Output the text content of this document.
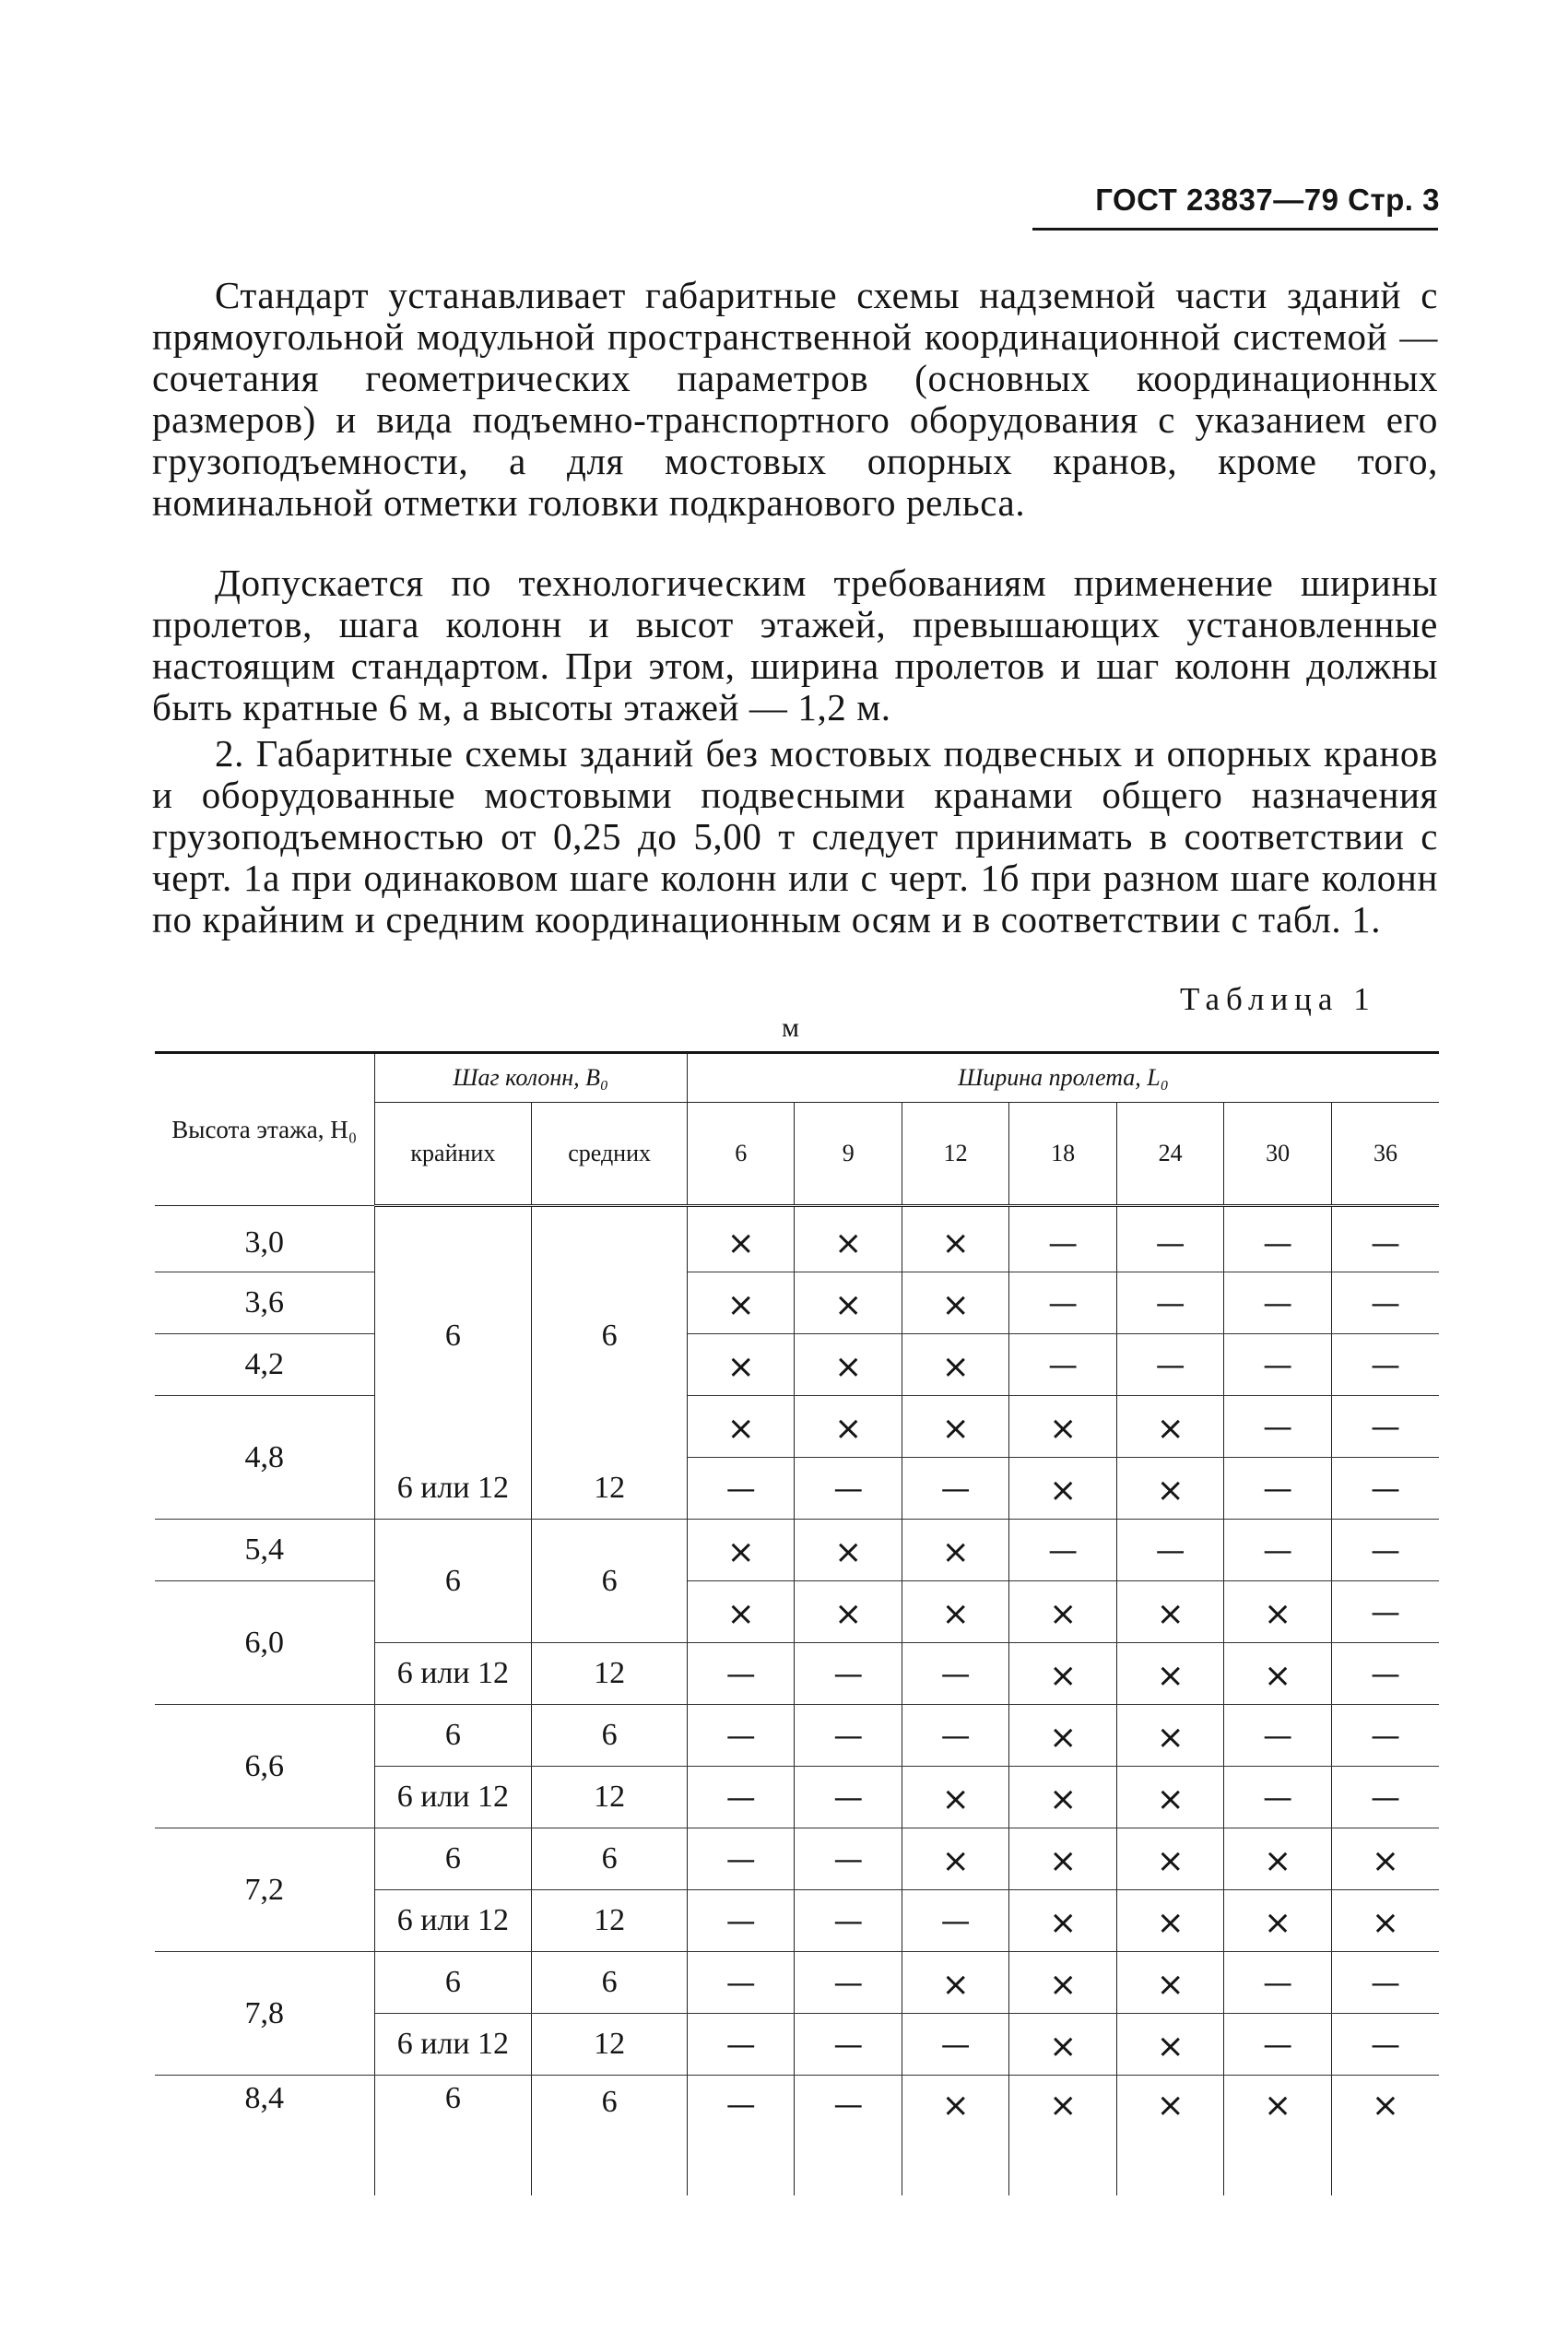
ГОСТ 23837—79 Стр. 3

Стандарт устанавливает габаритные схемы надземной части зданий с прямоугольной модульной пространственной координационной системой — сочетания геометрических параметров (основных координационных размеров) и вида подъемно-транспортного оборудования с указанием его грузоподъемности, а для мостовых опорных кранов, кроме того, номинальной отметки головки подкранового рельса.

Допускается по технологическим требованиям применение ширины пролетов, шага колонн и высот этажей, превышающих установленные настоящим стандартом. При этом, ширина пролетов и шаг колонн должны быть кратные 6 м, а высоты этажей — 1,2 м.

2. Габаритные схемы зданий без мостовых подвесных и опорных кранов и оборудованные мостовыми подвесными кранами общего назначения грузоподъемностью от 0,25 до 5,00 т следует принимать в соответствии с черт. 1а при одинаковом шаге колонн или с черт. 1б при разном шаге колонн по крайним и средним координационным осям и в соответствии с табл. 1.

Таблица 1
м
Высота этажа, H₀	Шаг колонн, B₀		Ширина пролета, L₀						
	крайних	средних	6	9	12	18	24	30	36
3,0	6	6	×	×	×	—	—	—	—
3,6			×	×	×	—	—	—	—
4,2			×	×	×	—	—	—	—
4,8			×	×	×	×	×	—	—
	6 или 12	12	—	—	—	×	×	—	—
5,4	6	6	×	×	×	—	—	—	—
6,0			×	×	×	×	×	×	—
	6 или 12	12	—	—	—	×	×	×	—
6,6	6	6	—	—	—	×	×	—	—
	6 или 12	12	—	—	×	×	×	—	—
7,2	6	6	—	—	×	×	×	×	×
	6 или 12	12	—	—	—	×	×	×	×
7,8	6	6	—	—	×	×	×	—	—
	6 или 12	12	—	—	—	×	×	—	—
8,4	6	6	—	—	×	×	×	×	×
